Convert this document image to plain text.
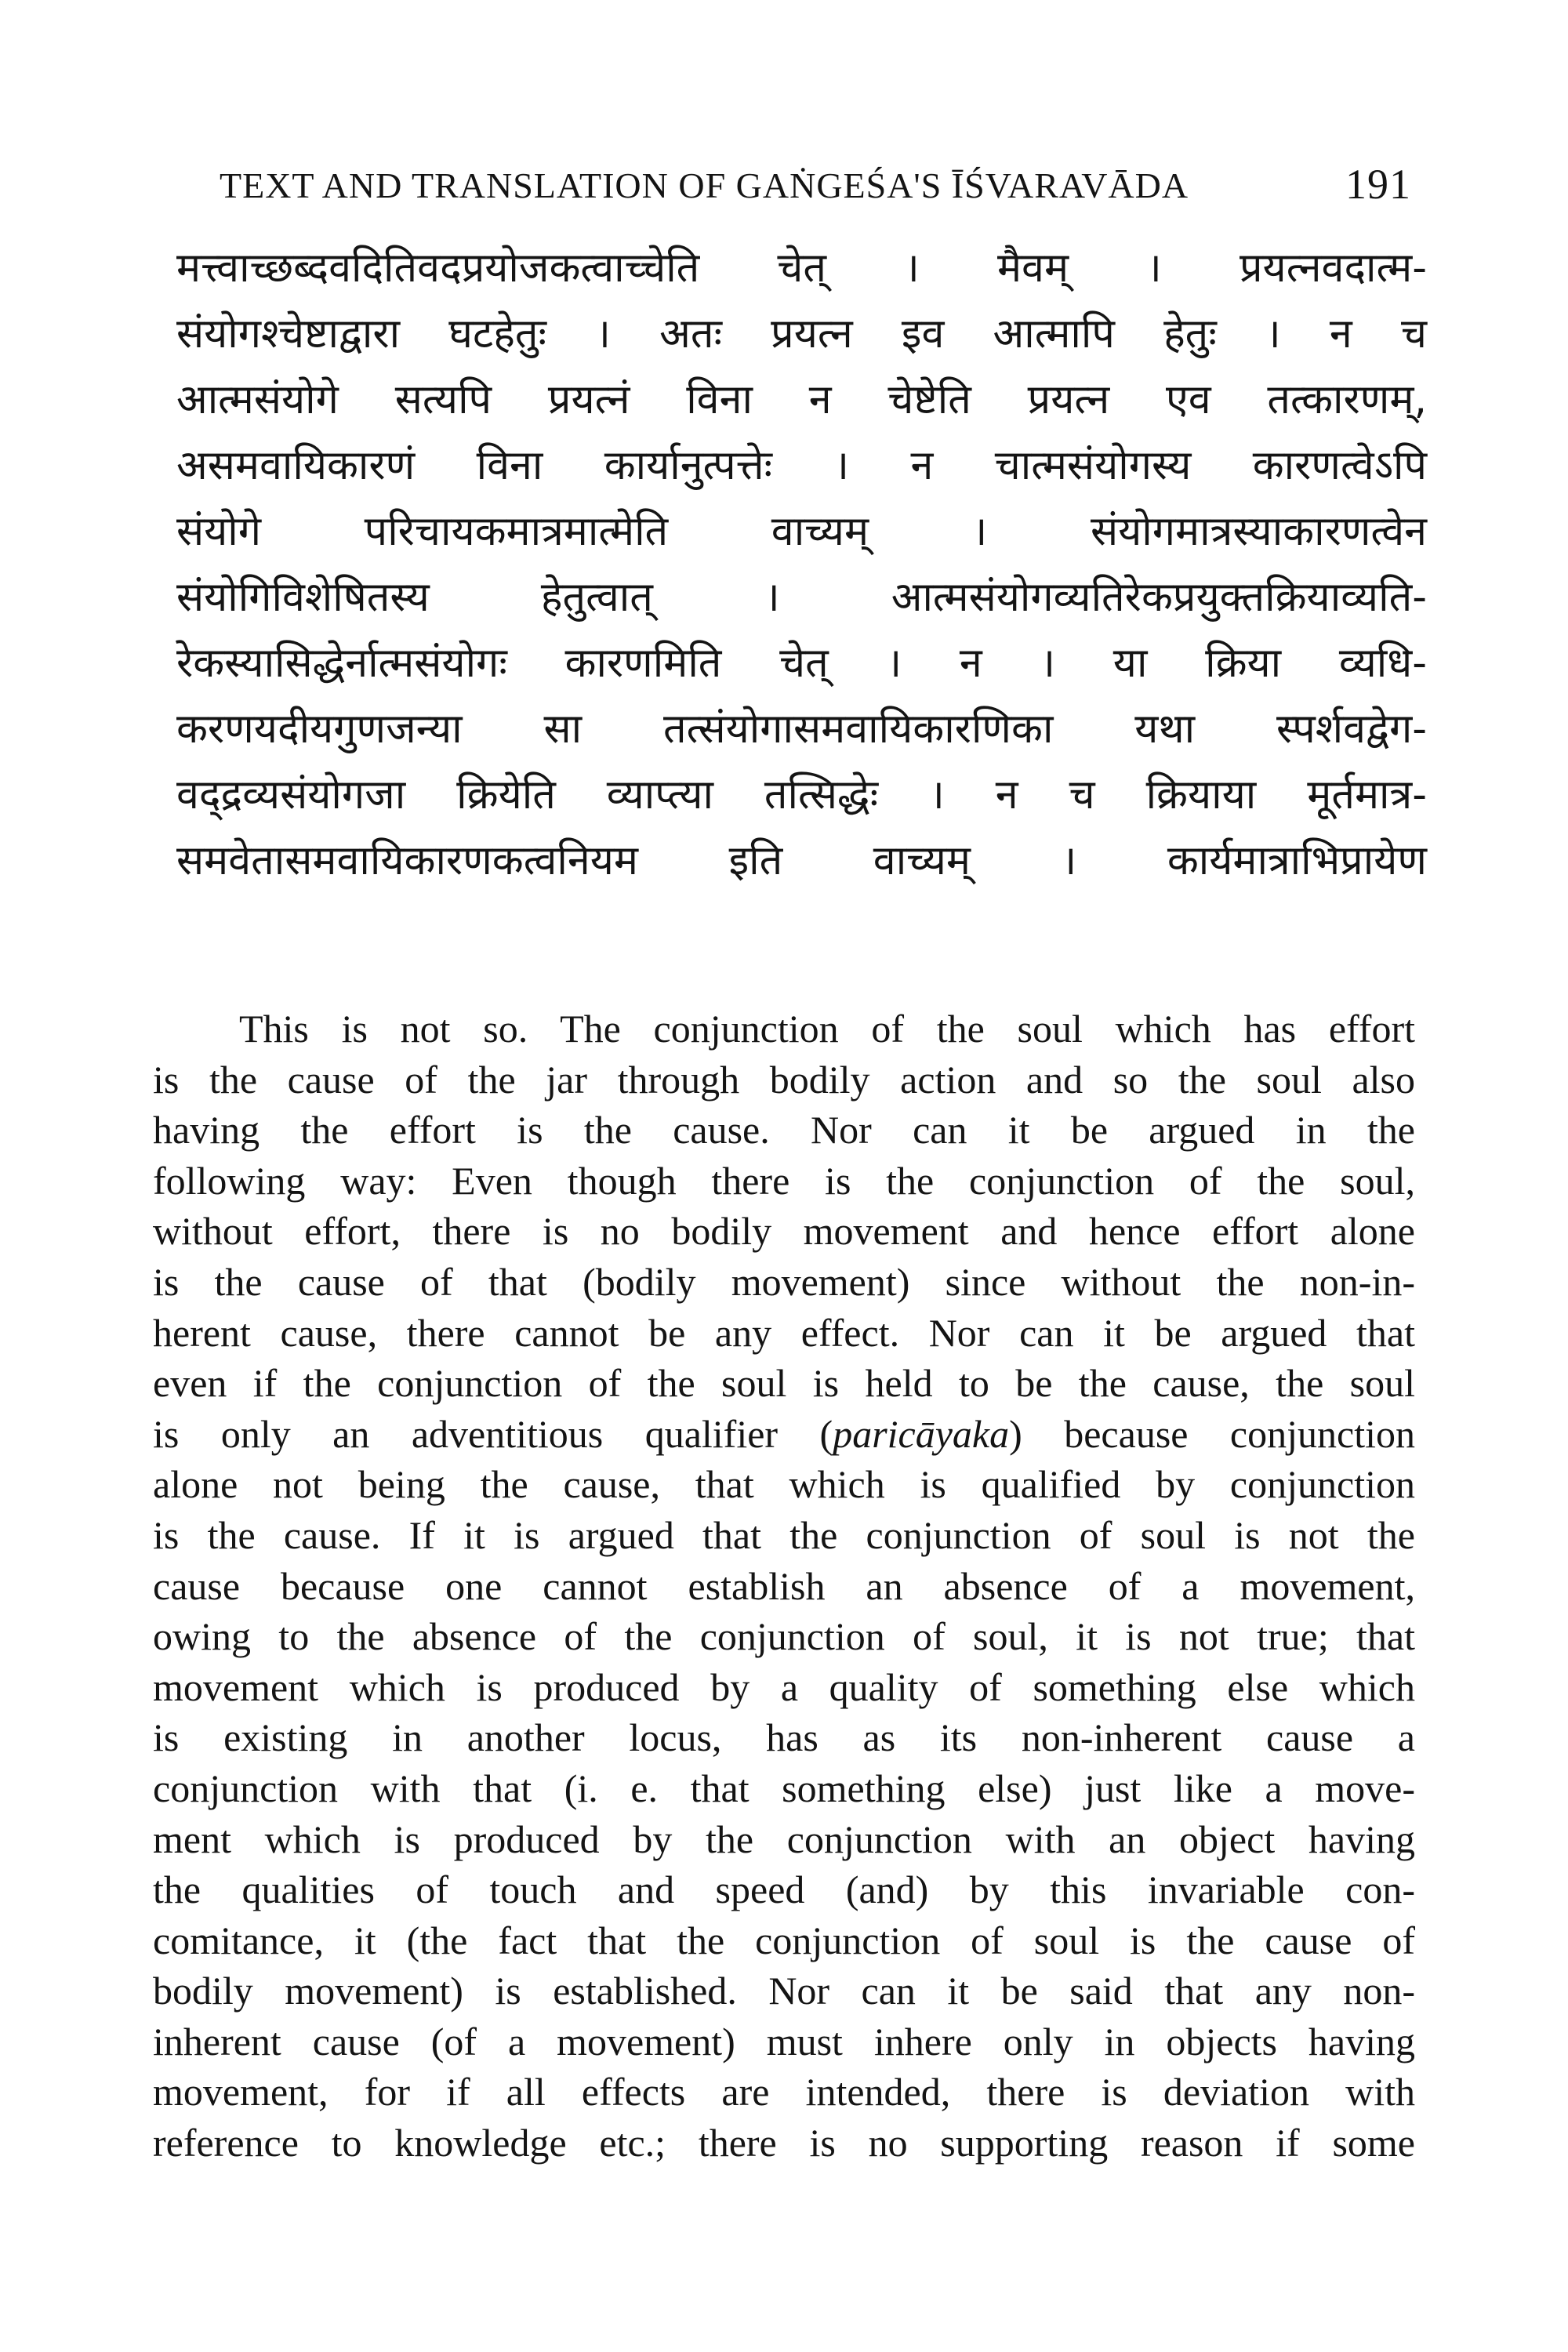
TEXT AND TRANSLATION OF GAṄGEŚA'S ĪŚVARAVĀDA	191
मत्त्वाच्छब्दवदितिवदप्रयोजकत्वाच्चेति चेत् । मैवम् । प्रयत्नवदात्म-
संयोगश्चेष्टाद्वारा घटहेतुः । अतः प्रयत्न इव आत्मापि हेतुः । न च
आत्मसंयोगे सत्यपि प्रयत्नं विना न चेष्टेति प्रयत्न एव तत्कारणम्,
असमवायिकारणं विना कार्यानुत्पत्तेः । न चात्मसंयोगस्य कारणत्वेऽपि
संयोगे परिचायकमात्रमात्मेति वाच्यम् । संयोगमात्रस्याकारणत्वेन
संयोगिविशेषितस्य हेतुत्वात् । आत्मसंयोगव्यतिरेकप्रयुक्तक्रियाव्यति-
रेकस्यासिद्धेर्नात्मसंयोगः कारणमिति चेत् । न । या क्रिया व्यधि-
करणयदीयगुणजन्या सा तत्संयोगासमवायिकारणिका यथा स्पर्शवद्वेग-
वद्द्रव्यसंयोगजा क्रियेति व्याप्त्या तत्सिद्धेः । न च क्रियाया मूर्तमात्र-
समवेतासमवायिकारणकत्वनियम इति वाच्यम् । कार्यमात्राभिप्रायेण
This is not so. The conjunction of the soul which has effort
is the cause of the jar through bodily action and so the soul also
having the effort is the cause. Nor can it be argued in the
following way: Even though there is the conjunction of the soul,
without effort, there is no bodily movement and hence effort alone
is the cause of that (bodily movement) since without the non-in-
herent cause, there cannot be any effect. Nor can it be argued that
even if the conjunction of the soul is held to be the cause, the soul
is only an adventitious qualifier (paricāyaka) because conjunction
alone not being the cause, that which is qualified by conjunction
is the cause. If it is argued that the conjunction of soul is not the
cause because one cannot establish an absence of a movement,
owing to the absence of the conjunction of soul, it is not true; that
movement which is produced by a quality of something else which
is existing in another locus, has as its non-inherent cause a
conjunction with that (i. e. that something else) just like a move-
ment which is produced by the conjunction with an object having
the qualities of touch and speed (and) by this invariable con-
comitance, it (the fact that the conjunction of soul is the cause of
bodily movement) is established. Nor can it be said that any non-
inherent cause (of a movement) must inhere only in objects having
movement, for if all effects are intended, there is deviation with
reference to knowledge etc.; there is no supporting reason if some
